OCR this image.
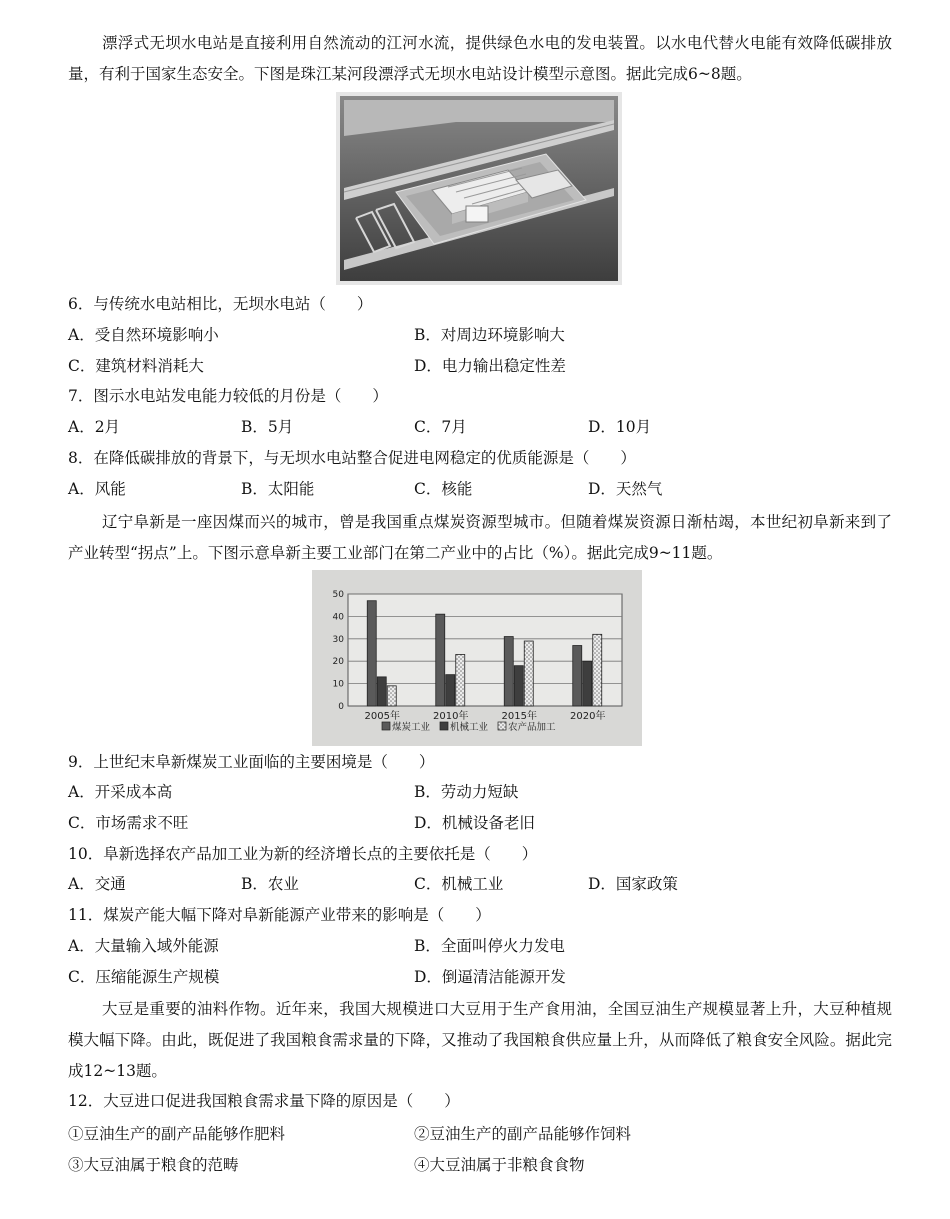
漂浮式无坝水电站是直接利用自然流动的江河水流，提供绿色水电的发电装置。以水电代替火电能有效降低碳排放量，有利于国家生态安全。下图是珠江某河段漂浮式无坝水电站设计模型示意图。据此完成6~8题。

6．与传统水电站相比，无坝水电站（　　）

A．受自然环境影响小	B．对周边环境影响大
C．建筑材料消耗大	D．电力输出稳定性差

7．图示水电站发电能力较低的月份是（　　）

A．2月	B．5月	C．7月	D．10月

8．在降低碳排放的背景下，与无坝水电站整合促进电网稳定的优质能源是（　　）

A．风能	B．太阳能	C．核能	D．天然气

辽宁阜新是一座因煤而兴的城市，曾是我国重点煤炭资源型城市。但随着煤炭资源日渐枯竭，本世纪初阜新来到了产业转型“拐点”上。下图示意阜新主要工业部门在第二产业中的占比（%）。据此完成9~11题。

0
10
20
30
40
50
2005年	2010年	2015年	2020年
煤炭工业 机械工业 农产品加工

9．上世纪末阜新煤炭工业面临的主要困境是（　　）

A．开采成本高	B．劳动力短缺
C．市场需求不旺	D．机械设备老旧

10．阜新选择农产品加工业为新的经济增长点的主要依托是（　　）

A．交通	B．农业	C．机械工业	D．国家政策

11．煤炭产能大幅下降对阜新能源产业带来的影响是（　　）

A．大量输入域外能源	B．全面叫停火力发电
C．压缩能源生产规模	D．倒逼清洁能源开发

大豆是重要的油料作物。近年来，我国大规模进口大豆用于生产食用油，全国豆油生产规模显著上升，大豆种植规模大幅下降。由此，既促进了我国粮食需求量的下降，又推动了我国粮食供应量上升，从而降低了粮食安全风险。据此完成12~13题。

12．大豆进口促进我国粮食需求量下降的原因是（　　）

①豆油生产的副产品能够作肥料	②豆油生产的副产品能够作饲料
③大豆油属于粮食的范畴	④大豆油属于非粮食食物
